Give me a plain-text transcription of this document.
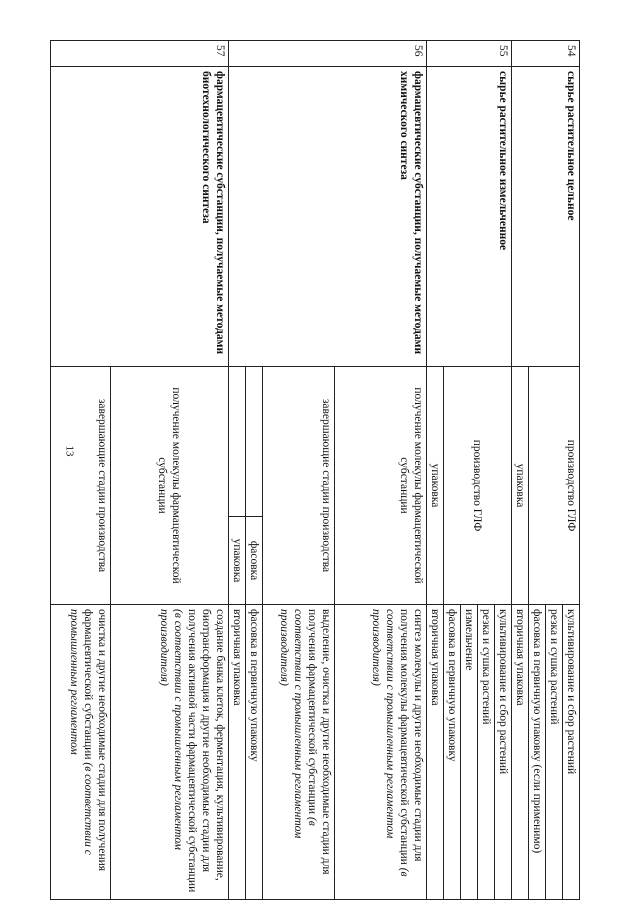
13
54	сырье растительное цельное	производство ГЛФ		культивирование и сбор растений
				резка и сушка растений
				фасовка в первичную упаковку (если применимо)
		упаковка		вторичная упаковка
55	сырье растительное измельченное	производство ГЛФ		культивирование и сбор растений
				резка и сушка растений
				измельчение
				фасовка в первичную упаковку
		упаковка		вторичная упаковка
56	фармацевтические субстанции, получаемые методами химического синтеза	получение молекулы фармацевтической субстанции		синтез молекулы и другие необходимые стадии для получения молекулы фармацевтической субстанции (в соответствии с промышленным регламентом производителя)
		завершающие стадии производства		выделение, очистка и другие необходимые стадии для получения фармацевтической субстанции (в соответствии с промышленным регламентом производителя)
			фасовка	фасовка в первичную упаковку
			упаковка	вторичная упаковка
57	фармацевтические субстанции, получаемые методами биотехнологического синтеза	получение молекулы фармацевтической субстанции		создание банка клеток, ферментация, культивирование, биотрансформация и другие необходимые стадии для получения активной части фармацевтической субстанции (в соответствии с промышленным регламентом производителя)
		завершающие стадии производства		очистка и другие необходимые стадии для получения фармацевтической субстанции (в соответствии с промышленным регламентом
